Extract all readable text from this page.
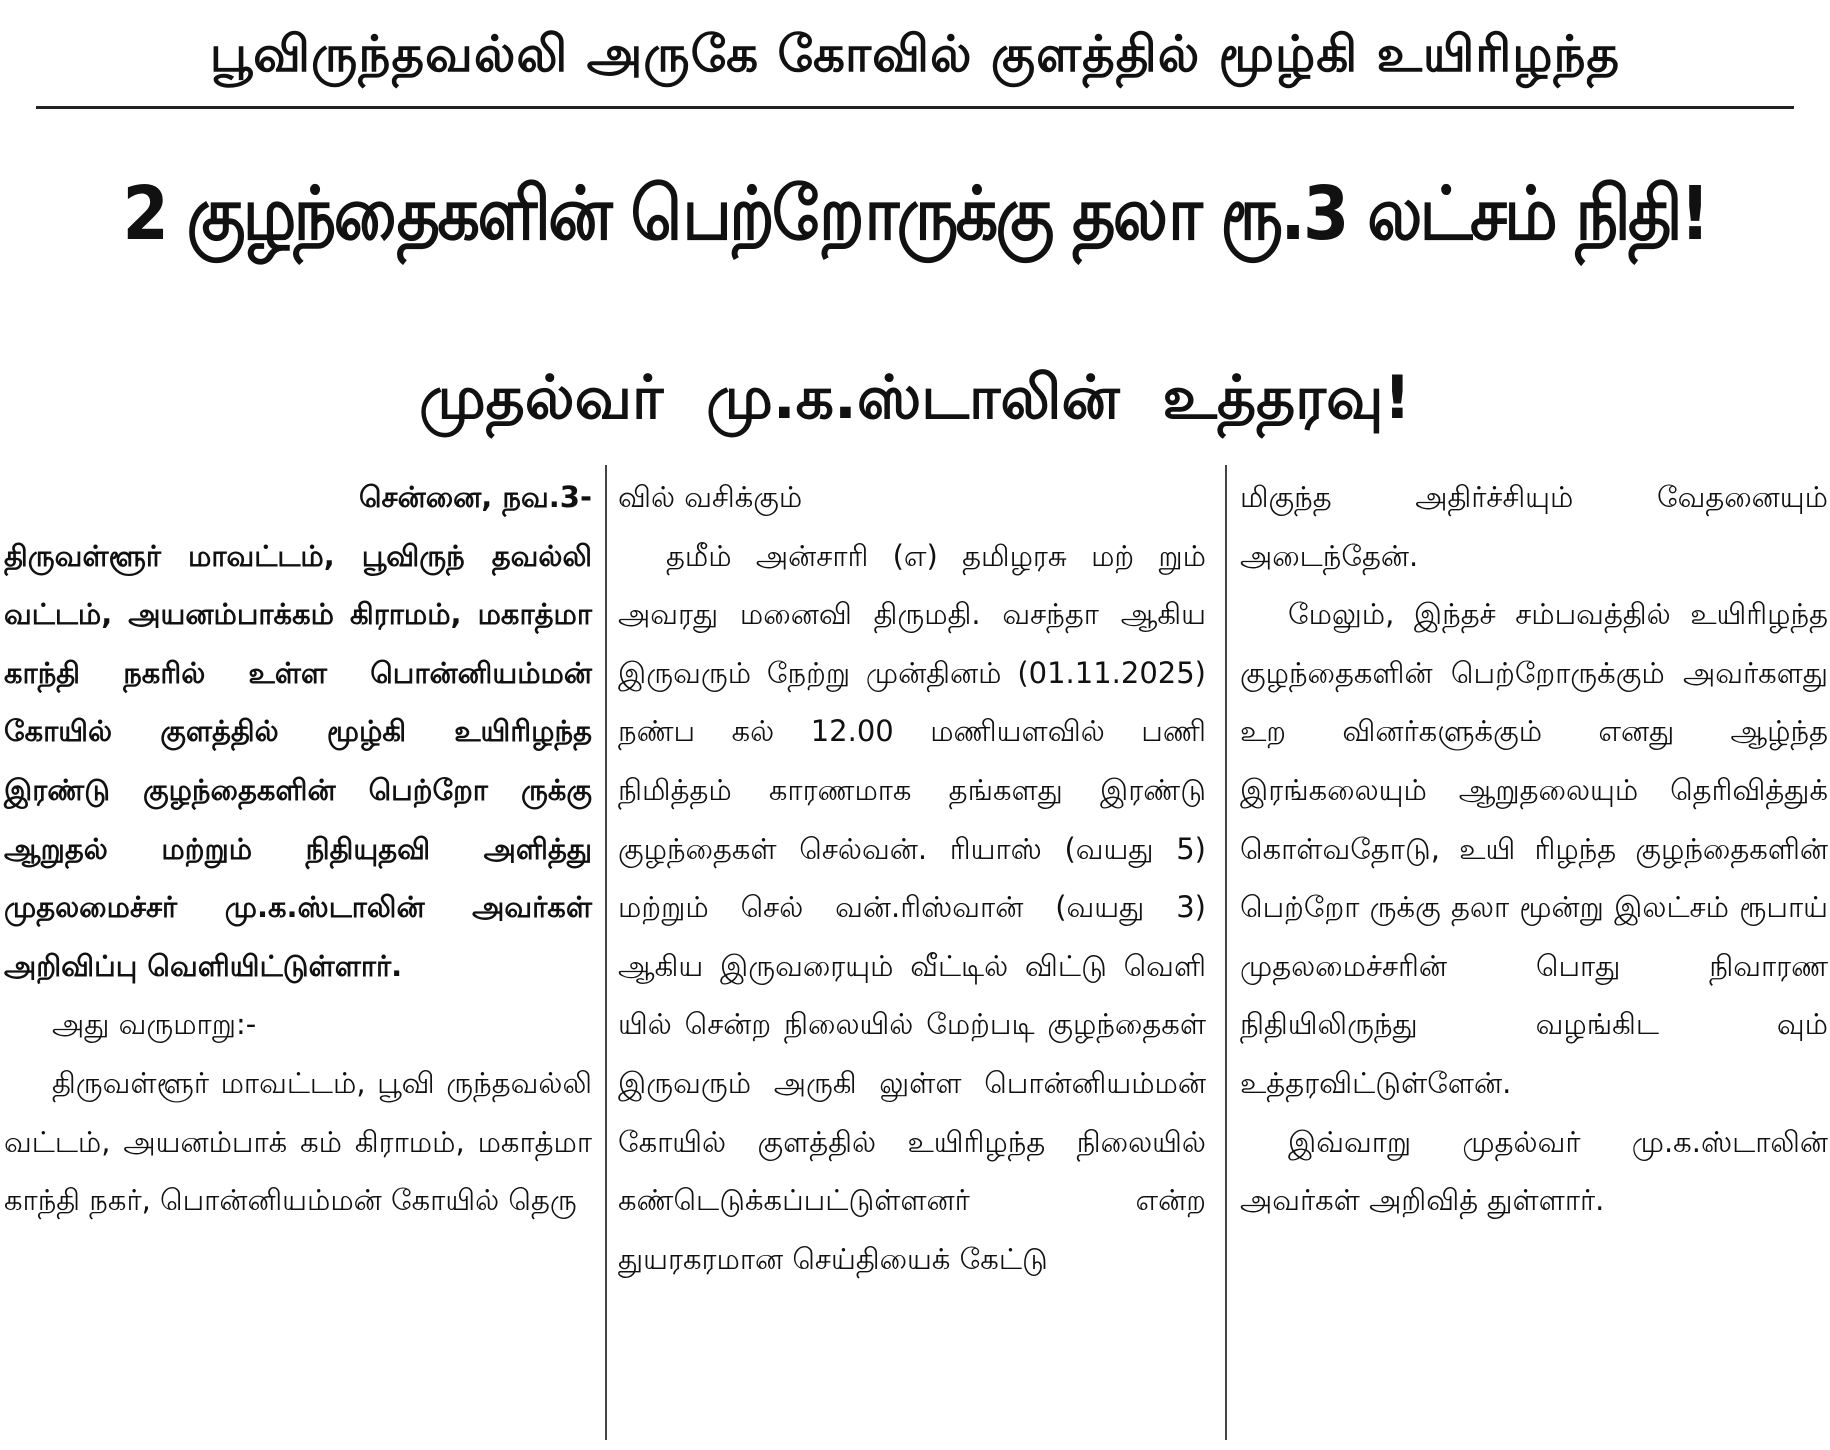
பூவிருந்தவல்லி அருகே கோவில் குளத்தில் மூழ்கி உயிரிழந்த
2 குழந்தைகளின் பெற்றோருக்கு தலா ரூ.3 லட்சம் நிதி!
முதல்வர் மு.க.ஸ்டாலின் உத்தரவு!

சென்னை, நவ.3-

திருவள்ளூர் மாவட்டம், பூவிருந் தவல்லி வட்டம், அயனம்பாக்கம் கிராமம், மகாத்மா காந்தி நகரில் உள்ள பொன்னியம்மன் கோயில் குளத்தில் மூழ்கி உயிரிழந்த இரண்டு குழந்தைகளின் பெற்றோ ருக்கு ஆறுதல் மற்றும் நிதியுதவி அளித்து முதலமைச்சர் மு.க.ஸ்டாலின் அவர்கள் அறிவிப்பு வெளியிட்டுள்ளார்.

அது வருமாறு:-

திருவள்ளூர் மாவட்டம், பூவி ருந்தவல்லி வட்டம், அயனம்பாக் கம் கிராமம், மகாத்மா காந்தி நகர், பொன்னியம்மன் கோயில் தெரு

வில் வசிக்கும்

தமீம் அன்சாரி (எ) தமிழரசு மற் றும் அவரது மனைவி திருமதி. வசந்தா ஆகிய இருவரும் நேற்று முன்தினம் (01.11.2025) நண்ப கல் 12.00 மணியளவில் பணி நிமித்தம் காரணமாக தங்களது இரண்டு குழந்தைகள் செல்வன். ரியாஸ் (வயது 5) மற்றும் செல் வன்.ரிஸ்வான் (வயது 3) ஆகிய இருவரையும் வீட்டில் விட்டு வெளி யில் சென்ற நிலையில் மேற்படி குழந்தைகள் இருவரும் அருகி லுள்ள பொன்னியம்மன் கோயில் குளத்தில் உயிரிழந்த நிலையில் கண்டெடுக்கப்பட்டுள்ளனர் என்ற துயரகரமான செய்தியைக் கேட்டு

மிகுந்த அதிர்ச்சியும் வேதனையும் அடைந்தேன்.

மேலும், இந்தச் சம்பவத்தில் உயிரிழந்த குழந்தைகளின் பெற்றோருக்கும் அவர்களது உற வினர்களுக்கும் எனது ஆழ்ந்த இரங்கலையும் ஆறுதலையும் தெரிவித்துக் கொள்வதோடு, உயி ரிழந்த குழந்தைகளின் பெற்றோ ருக்கு தலா மூன்று இலட்சம் ரூபாய் முதலமைச்சரின் பொது நிவாரண நிதியிலிருந்து வழங்கிட வும் உத்தரவிட்டுள்ளேன்.

இவ்வாறு முதல்வர் மு.க.ஸ்டாலின் அவர்கள் அறிவித் துள்ளார்.
